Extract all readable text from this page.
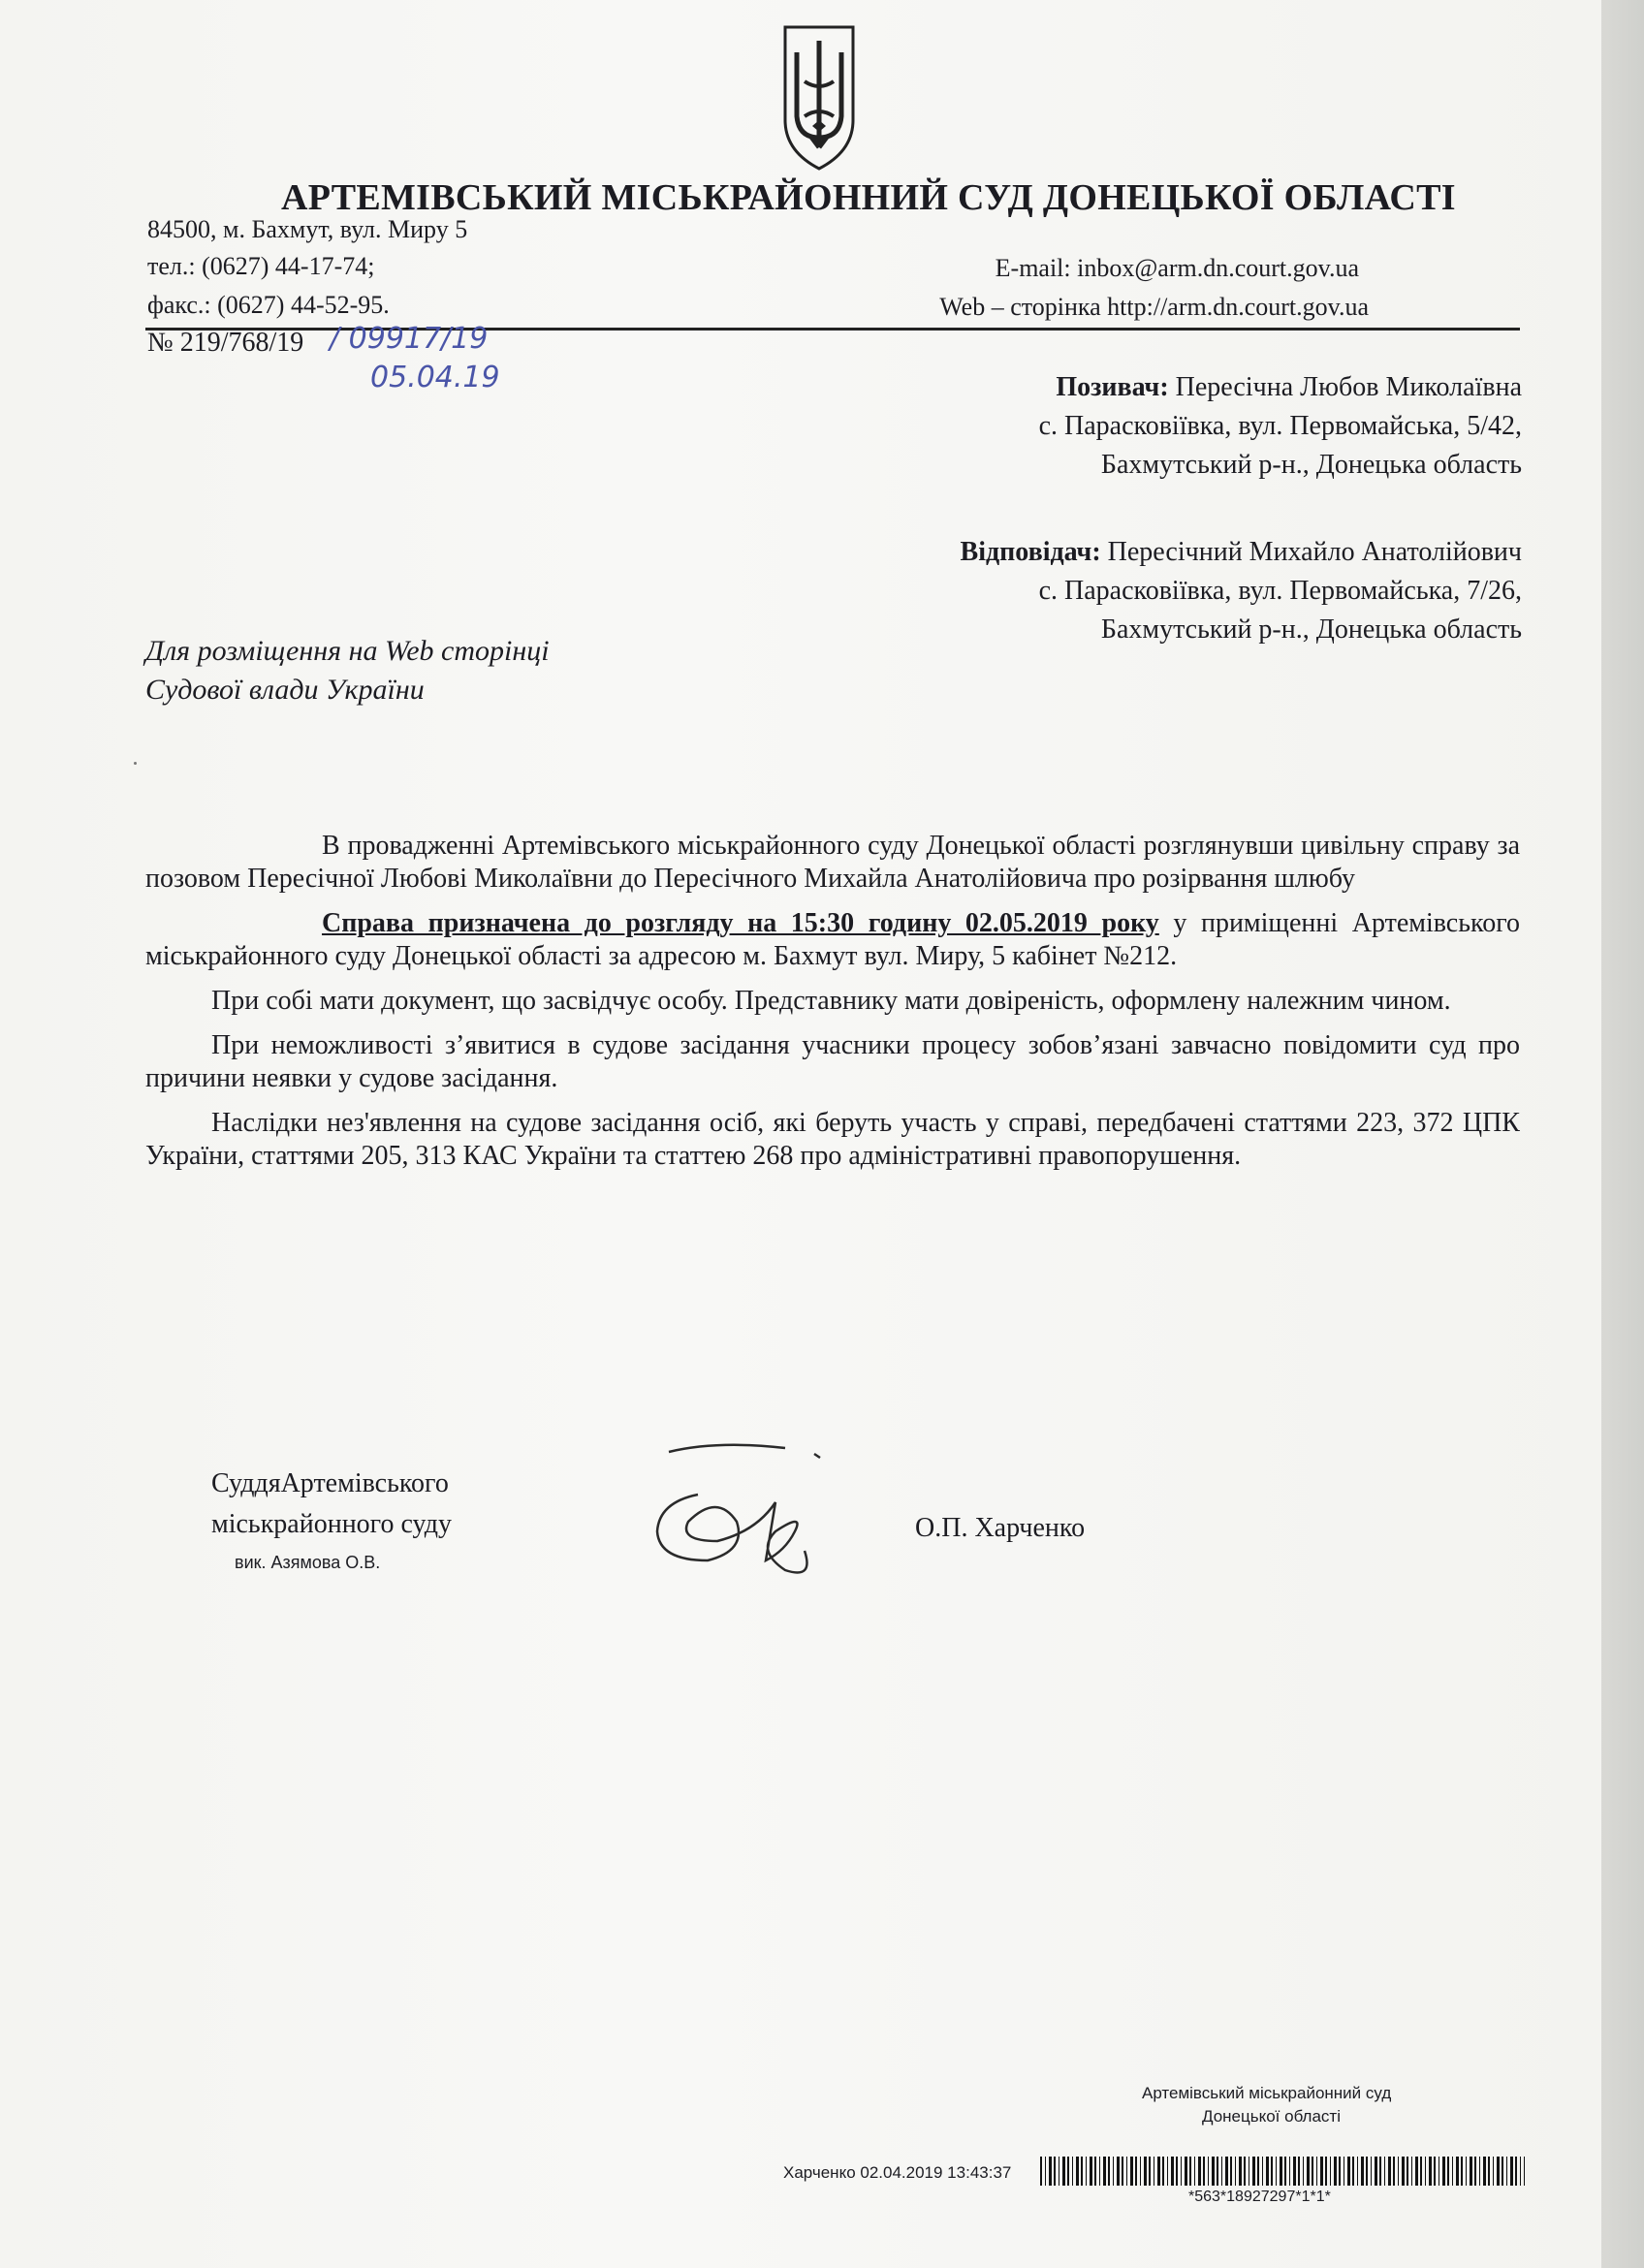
АРТЕМІВСЬКИЙ МІСЬКРАЙОННИЙ СУД ДОНЕЦЬКОЇ ОБЛАСТІ
84500, м. Бахмут, вул. Миру 5
тел.: (0627) 44-17-74;
факс.: (0627) 44-52-95.
E-mail: inbox@arm.dn.court.gov.ua
Web – сторінка http://arm.dn.court.gov.ua
№ 219/768/19 / 09917/19
05.04.19	Позивач: Пересічна Любов Миколаївна
с. Парасковіївка, вул. Первомайська, 5/42,
Бахмутський р-н., Донецька область
Відповідач: Пересічний Михайло Анатолійович
с. Парасковіївка, вул. Первомайська, 7/26,
Бахмутський р-н., Донецька область
Для розміщення на Web сторінці
Судової влади України

В провадженні Артемівського міськрайонного суду Донецької області розглянувши цивільну справу за позовом Пересічної Любові Миколаївни до Пересічного Михайла Анатолійовича про розірвання шлюбу

Справа призначена до розгляду на 15:30 годину 02.05.2019 року у приміщенні Артемівського міськрайонного суду Донецької області за адресою м. Бахмут вул. Миру, 5 кабінет №212.

При собі мати документ, що засвідчує особу. Представнику мати довіреність, оформлену належним чином.

При неможливості з’явитися в судове засідання учасники процесу зобов’язані завчасно повідомити суд про причини неявки у судове засідання.

Наслідки нез'явлення на судове засідання осіб, які беруть участь у справі, передбачені статтями 223, 372 ЦПК України, статтями 205, 313 КАС України та статтею 268 про адміністративні правопорушення.

СуддяАртемівського
міськрайонного суду
вик. Азямова О.В.
О.П. Харченко
Артемівський міськрайонний суд
Донецької області
Харченко 02.04.2019 13:43:37
*563*18927297*1*1*
